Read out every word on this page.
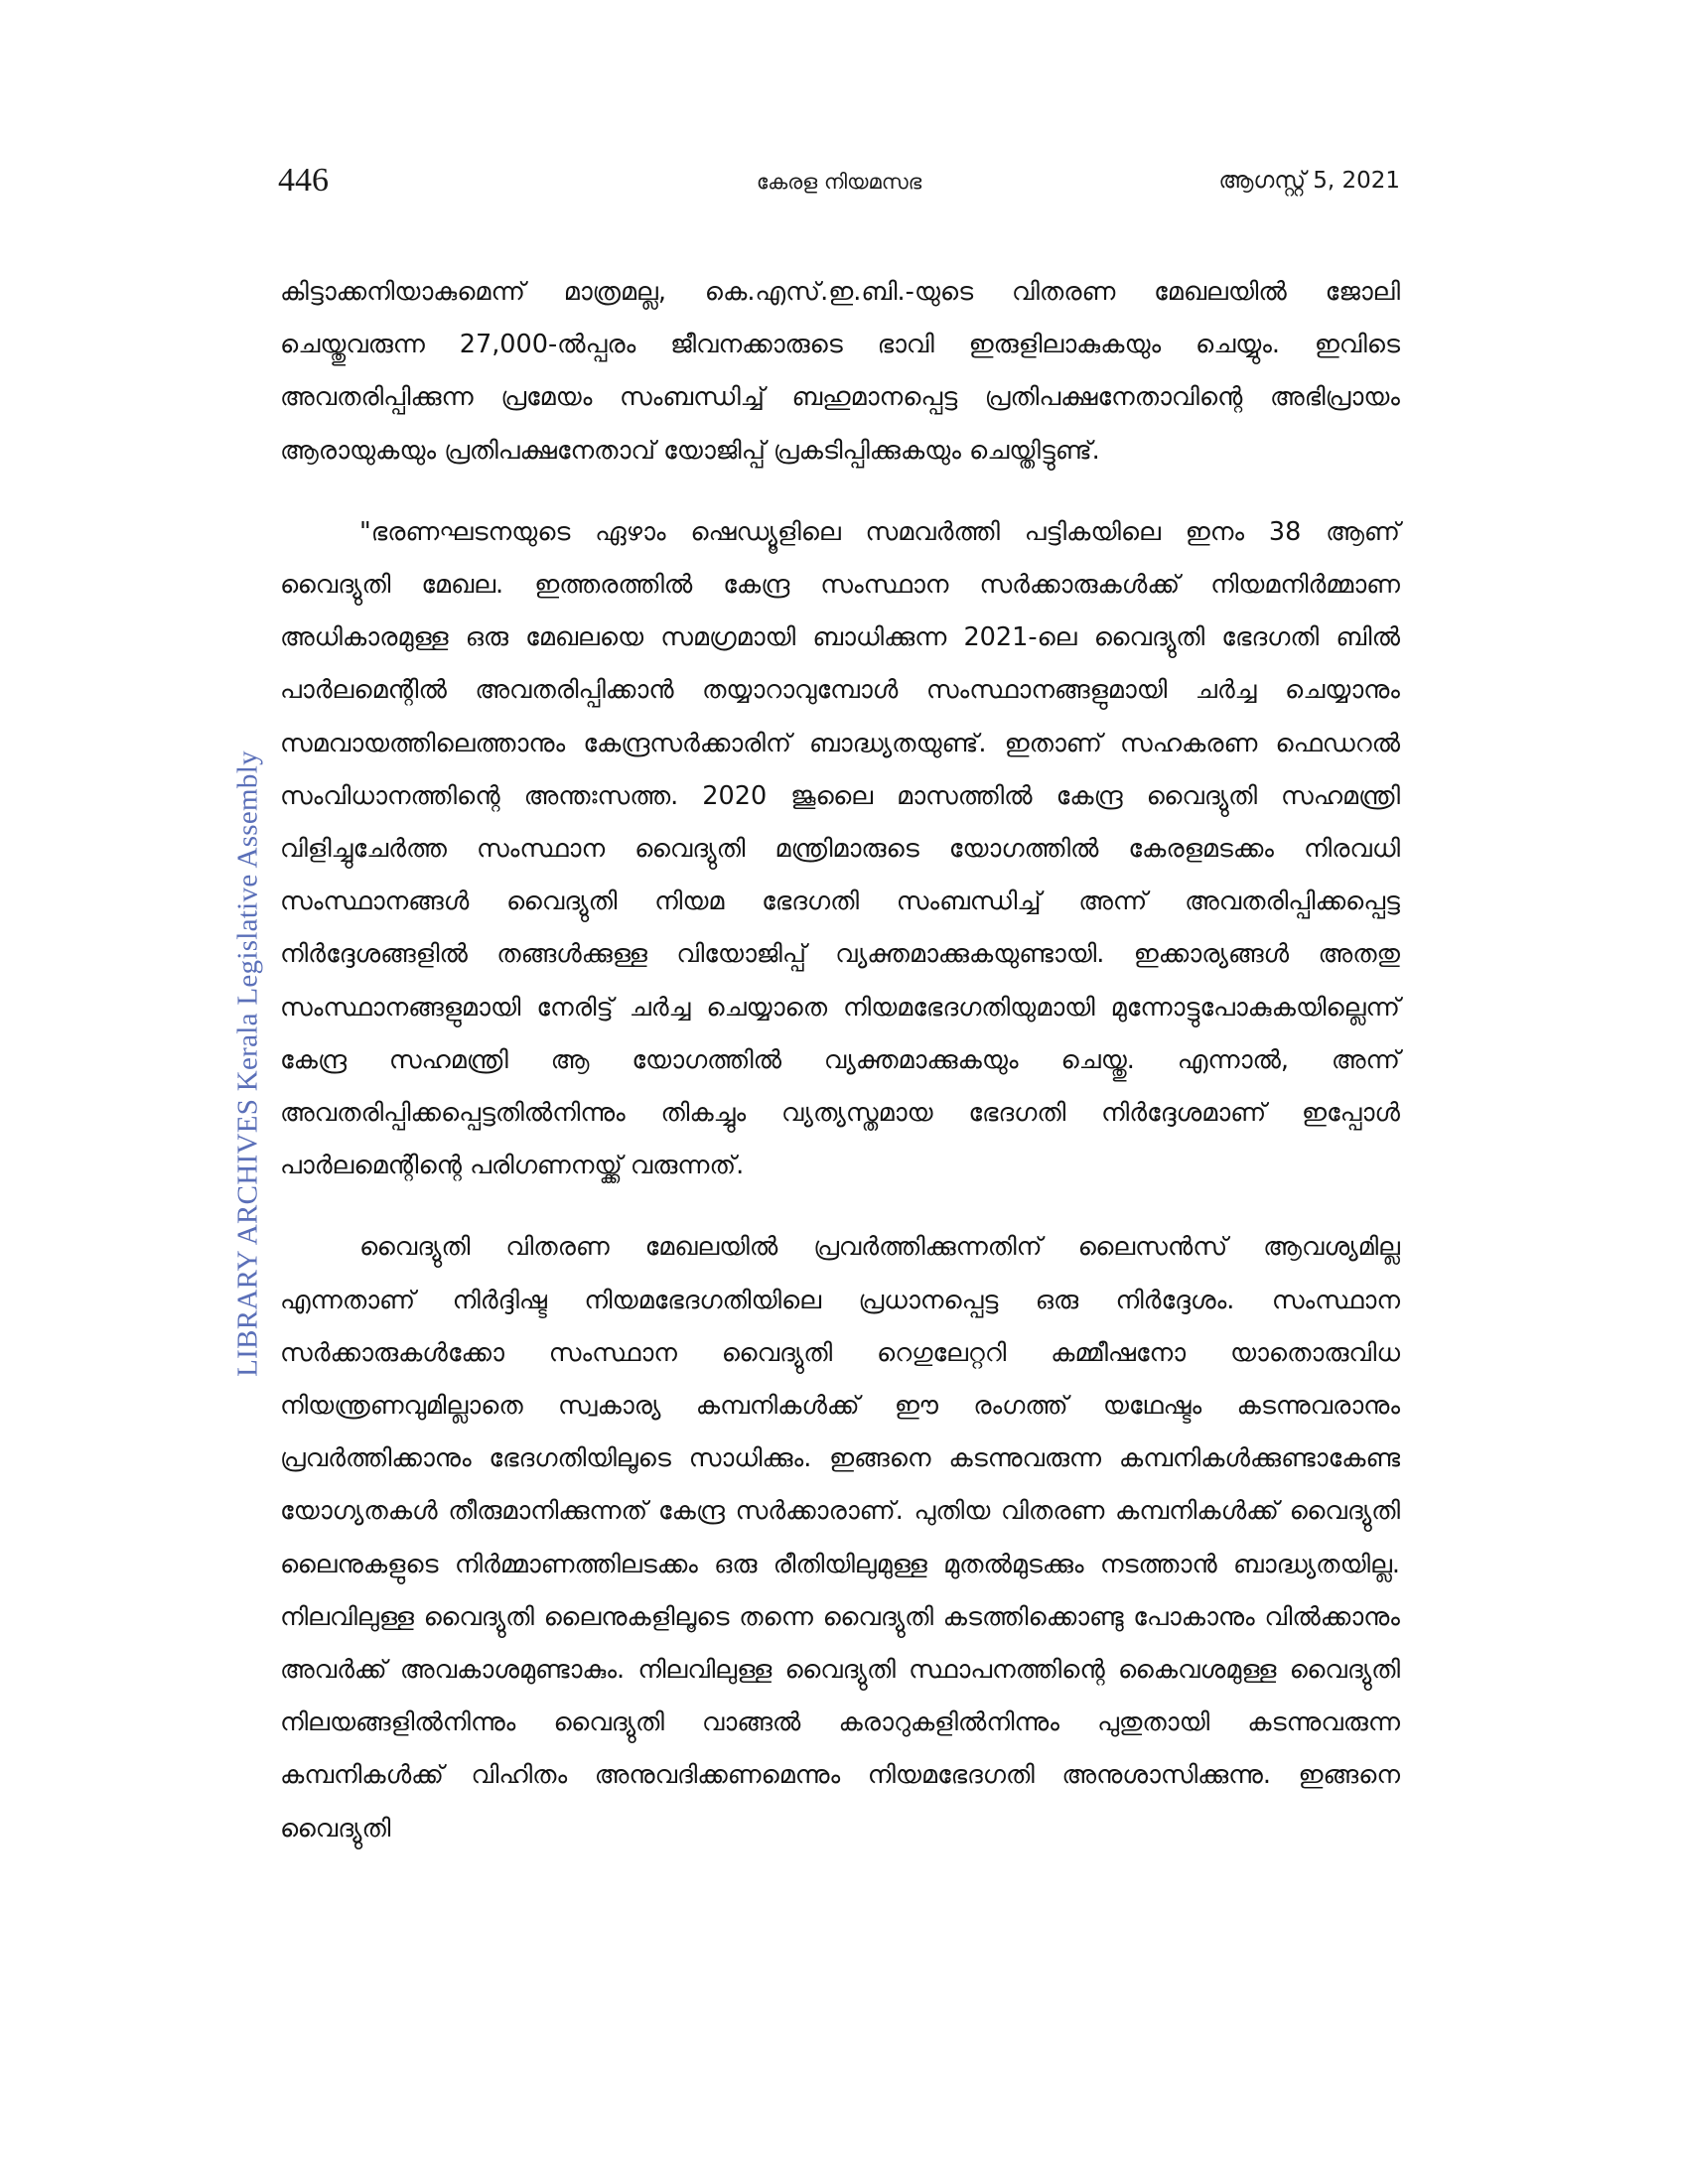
446	കേരള നിയമസഭ	ആഗസ്റ്റ് 5, 2021
LIBRARY ARCHIVES Kerala Legislative Assembly

കിട്ടാക്കനിയാകുമെന്ന് മാത്രമല്ല, കെ.എസ്.ഇ.ബി.-യുടെ വിതരണ മേഖലയിൽ ജോലി ചെയ്തുവരുന്ന 27,000-ൽപ്പരം ജീവനക്കാരുടെ ഭാവി ഇരുളിലാകുകയും ചെയ്യും. ഇവിടെ അവതരിപ്പിക്കുന്ന പ്രമേയം സംബന്ധിച്ച് ബഹുമാനപ്പെട്ട പ്രതിപക്ഷനേതാവിന്റെ അഭിപ്രായം ആരായുകയും പ്രതിപക്ഷനേതാവ് യോജിപ്പ് പ്രകടിപ്പിക്കുകയും ചെയ്തിട്ടുണ്ട്.

"ഭരണഘടനയുടെ ഏഴാം ഷെഡ്യൂളിലെ സമവർത്തി പട്ടികയിലെ ഇനം 38 ആണ് വൈദ്യുതി മേഖല. ഇത്തരത്തിൽ കേന്ദ്ര സംസ്ഥാന സർക്കാരുകൾക്ക് നിയമനിർമ്മാണ അധികാരമുള്ള ഒരു മേഖലയെ സമഗ്രമായി ബാധിക്കുന്ന 2021-ലെ വൈദ്യുതി ഭേദഗതി ബിൽ പാർലമെന്റിൽ അവതരിപ്പിക്കാൻ തയ്യാറാവുമ്പോൾ സംസ്ഥാനങ്ങളുമായി ചർച്ച ചെയ്യാനും സമവായത്തിലെത്താനും കേന്ദ്രസർക്കാരിന് ബാദ്ധ്യതയുണ്ട്. ഇതാണ് സഹകരണ ഫെഡറൽ സംവിധാനത്തിന്റെ അന്തഃസത്ത. 2020 ജൂലൈ മാസത്തിൽ കേന്ദ്ര വൈദ്യുതി സഹമന്ത്രി വിളിച്ചുചേർത്ത സംസ്ഥാന വൈദ്യുതി മന്ത്രിമാരുടെ യോഗത്തിൽ കേരളമടക്കം നിരവധി സംസ്ഥാനങ്ങൾ വൈദ്യുതി നിയമ ഭേദഗതി സംബന്ധിച്ച് അന്ന് അവതരിപ്പിക്കപ്പെട്ട നിർദ്ദേശങ്ങളിൽ തങ്ങൾക്കുള്ള വിയോജിപ്പ് വ്യക്തമാക്കുകയുണ്ടായി. ഇക്കാര്യങ്ങൾ അതതു സംസ്ഥാനങ്ങളുമായി നേരിട്ട് ചർച്ച ചെയ്യാതെ നിയമഭേദഗതിയുമായി മുന്നോട്ടുപോകുകയില്ലെന്ന് കേന്ദ്ര സഹമന്ത്രി ആ യോഗത്തിൽ വ്യക്തമാക്കുകയും ചെയ്തു. എന്നാൽ, അന്ന് അവതരിപ്പിക്കപ്പെട്ടതിൽനിന്നും തികച്ചും വ്യത്യസ്തമായ ഭേദഗതി നിർദ്ദേശമാണ് ഇപ്പോൾ പാർലമെന്റിന്റെ പരിഗണനയ്ക്ക് വരുന്നത്.

വൈദ്യുതി വിതരണ മേഖലയിൽ പ്രവർത്തിക്കുന്നതിന് ലൈസൻസ് ആവശ്യമില്ല എന്നതാണ് നിർദ്ദിഷ്ട നിയമഭേദഗതിയിലെ പ്രധാനപ്പെട്ട ഒരു നിർദ്ദേശം. സംസ്ഥാന സർക്കാരുകൾക്കോ സംസ്ഥാന വൈദ്യുതി റെഗുലേറ്ററി കമ്മീഷനോ യാതൊരുവിധ നിയന്ത്രണവുമില്ലാതെ സ്വകാര്യ കമ്പനികൾക്ക് ഈ രംഗത്ത് യഥേഷ്ടം കടന്നുവരാനും പ്രവർത്തിക്കാനും ഭേദഗതിയിലൂടെ സാധിക്കും. ഇങ്ങനെ കടന്നുവരുന്ന കമ്പനികൾക്കുണ്ടാകേണ്ട യോഗ്യതകൾ തീരുമാനിക്കുന്നത് കേന്ദ്ര സർക്കാരാണ്. പുതിയ വിതരണ കമ്പനികൾക്ക് വൈദ്യുതി ലൈനുകളുടെ നിർമ്മാണത്തിലടക്കം ഒരു രീതിയിലുമുള്ള മുതൽമുടക്കും നടത്താൻ ബാദ്ധ്യതയില്ല. നിലവിലുള്ള വൈദ്യുതി ലൈനുകളിലൂടെ തന്നെ വൈദ്യുതി കടത്തിക്കൊണ്ടു പോകാനും വിൽക്കാനും അവർക്ക് അവകാശമുണ്ടാകും. നിലവിലുള്ള വൈദ്യുതി സ്ഥാപനത്തിന്റെ കൈവശമുള്ള വൈദ്യുതി നിലയങ്ങളിൽനിന്നും വൈദ്യുതി വാങ്ങൽ കരാറുകളിൽനിന്നും പുതുതായി കടന്നുവരുന്ന കമ്പനികൾക്ക് വിഹിതം അനുവദിക്കണമെന്നും നിയമഭേദഗതി അനുശാസിക്കുന്നു. ഇങ്ങനെ വൈദ്യുതി
